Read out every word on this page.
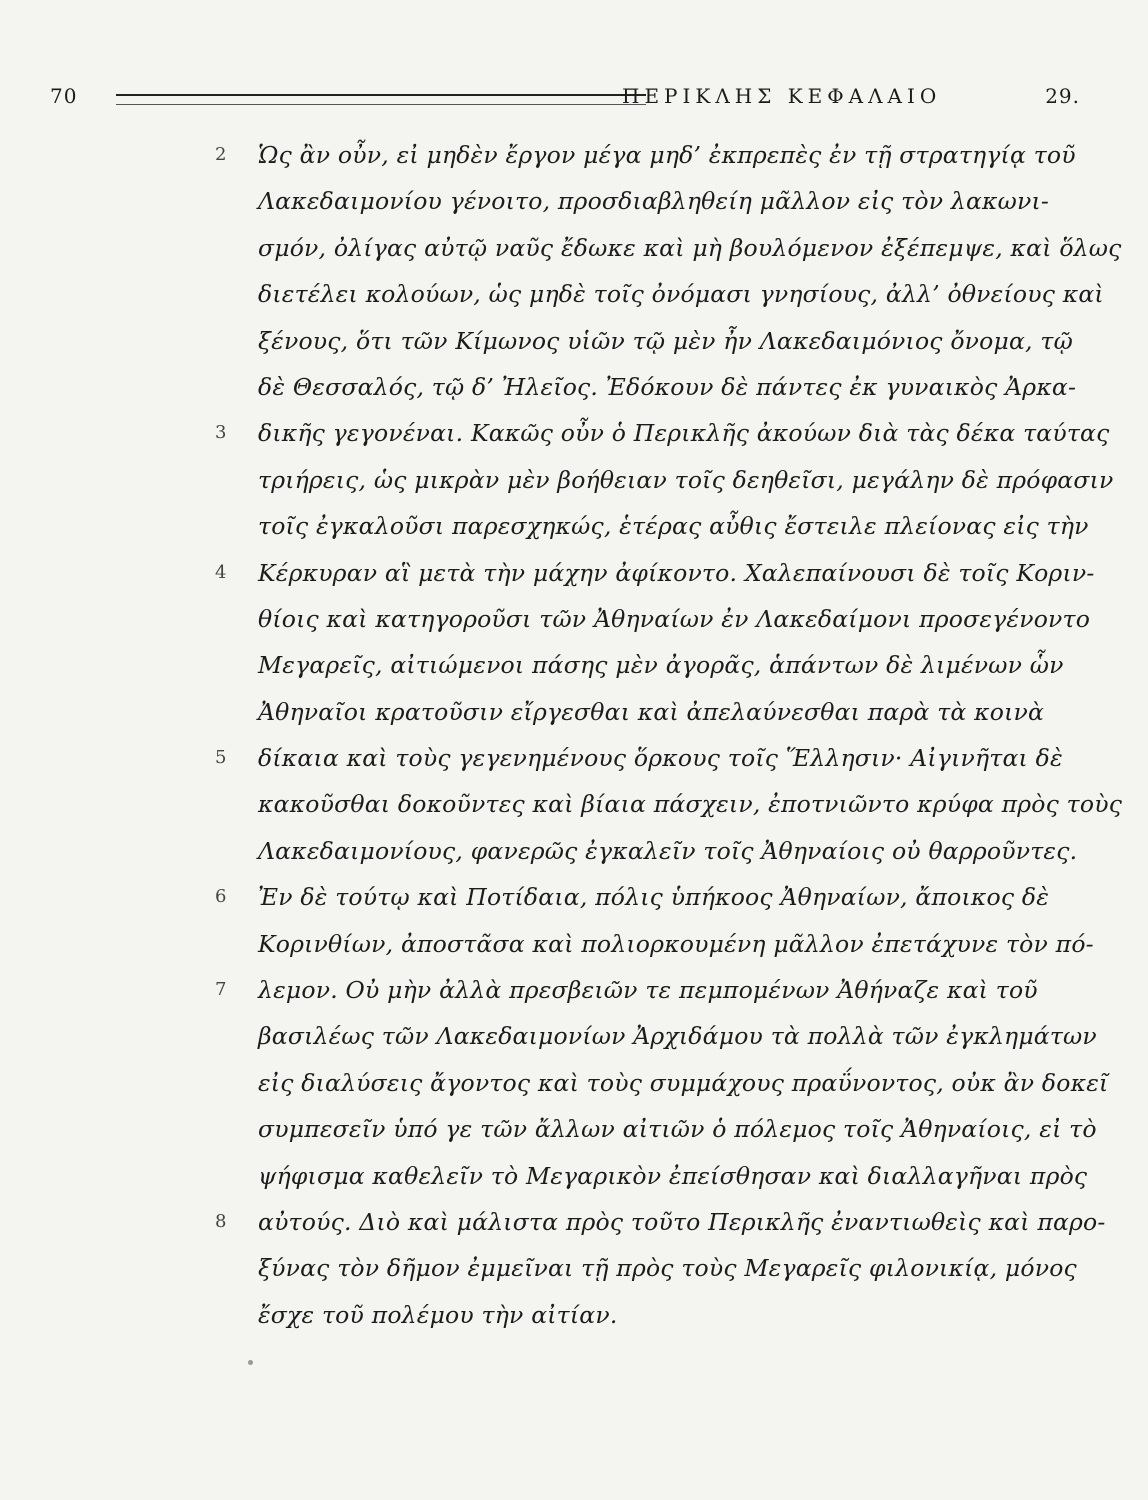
70	ΠΕΡΙΚΛΗΣ ΚΕΦΑΛΑΙΟ	29.
2 Ὡς ἂν οὖν, εἰ μηδὲν ἔργον μέγα μηδ’ ἐκπρεπὲς ἐν τῇ στρατηγίᾳ τοῦ
Λακεδαιμονίου γένοιτο, προσδιαβληθείη μᾶλλον εἰς τὸν λακωνι-
σμόν, ὀλίγας αὐτῷ ναῦς ἔδωκε καὶ μὴ βουλόμενον ἐξέπεμψε, καὶ ὅλως
διετέλει κολούων, ὡς μηδὲ τοῖς ὀνόμασι γνησίους, ἀλλ’ ὀθνείους καὶ
ξένους, ὅτι τῶν Κίμωνος υἱῶν τῷ μὲν ἦν Λακεδαιμόνιος ὄνομα, τῷ
δὲ Θεσσαλός, τῷ δ’ Ἠλεῖος. Ἐδόκουν δὲ πάντες ἐκ γυναικὸς Ἀρκα-
3 δικῆς γεγονέναι. Κακῶς οὖν ὁ Περικλῆς ἀκούων διὰ τὰς δέκα ταύτας
τριήρεις, ὡς μικρὰν μὲν βοήθειαν τοῖς δεηθεῖσι, μεγάλην δὲ πρόφασιν
τοῖς ἐγκαλοῦσι παρεσχηκώς, ἑτέρας αὖθις ἔστειλε πλείονας εἰς τὴν
4 Κέρκυραν αἳ μετὰ τὴν μάχην ἀφίκοντο. Χαλεπαίνουσι δὲ τοῖς Κοριν-
θίοις καὶ κατηγοροῦσι τῶν Ἀθηναίων ἐν Λακεδαίμονι προσεγένοντο
Μεγαρεῖς, αἰτιώμενοι πάσης μὲν ἀγορᾶς, ἁπάντων δὲ λιμένων ὧν
Ἀθηναῖοι κρατοῦσιν εἴργεσθαι καὶ ἀπελαύνεσθαι παρὰ τὰ κοινὰ
5 δίκαια καὶ τοὺς γεγενημένους ὅρκους τοῖς Ἕλλησιν· Αἰγινῆται δὲ
κακοῦσθαι δοκοῦντες καὶ βίαια πάσχειν, ἐποτνιῶντο κρύφα πρὸς τοὺς
Λακεδαιμονίους, φανερῶς ἐγκαλεῖν τοῖς Ἀθηναίοις οὐ θαρροῦντες.
6 Ἐν δὲ τούτῳ καὶ Ποτίδαια, πόλις ὑπήκοος Ἀθηναίων, ἄποικος δὲ
Κορινθίων, ἀποστᾶσα καὶ πολιορκουμένη μᾶλλον ἐπετάχυνε τὸν πό-
7 λεμον. Οὐ μὴν ἀλλὰ πρεσβειῶν τε πεμπομένων Ἀθήναζε καὶ τοῦ
βασιλέως τῶν Λακεδαιμονίων Ἀρχιδάμου τὰ πολλὰ τῶν ἐγκλημάτων
εἰς διαλύσεις ἄγοντος καὶ τοὺς συμμάχους πραΰνοντος, οὐκ ἂν δοκεῖ
συμπεσεῖν ὑπό γε τῶν ἄλλων αἰτιῶν ὁ πόλεμος τοῖς Ἀθηναίοις, εἰ τὸ
ψήφισμα καθελεῖν τὸ Μεγαρικὸν ἐπείσθησαν καὶ διαλλαγῆναι πρὸς
8 αὐτούς. Διὸ καὶ μάλιστα πρὸς τοῦτο Περικλῆς ἐναντιωθεὶς καὶ παρο-
ξύνας τὸν δῆμον ἐμμεῖναι τῇ πρὸς τοὺς Μεγαρεῖς φιλονικίᾳ, μόνος
ἔσχε τοῦ πολέμου τὴν αἰτίαν.
